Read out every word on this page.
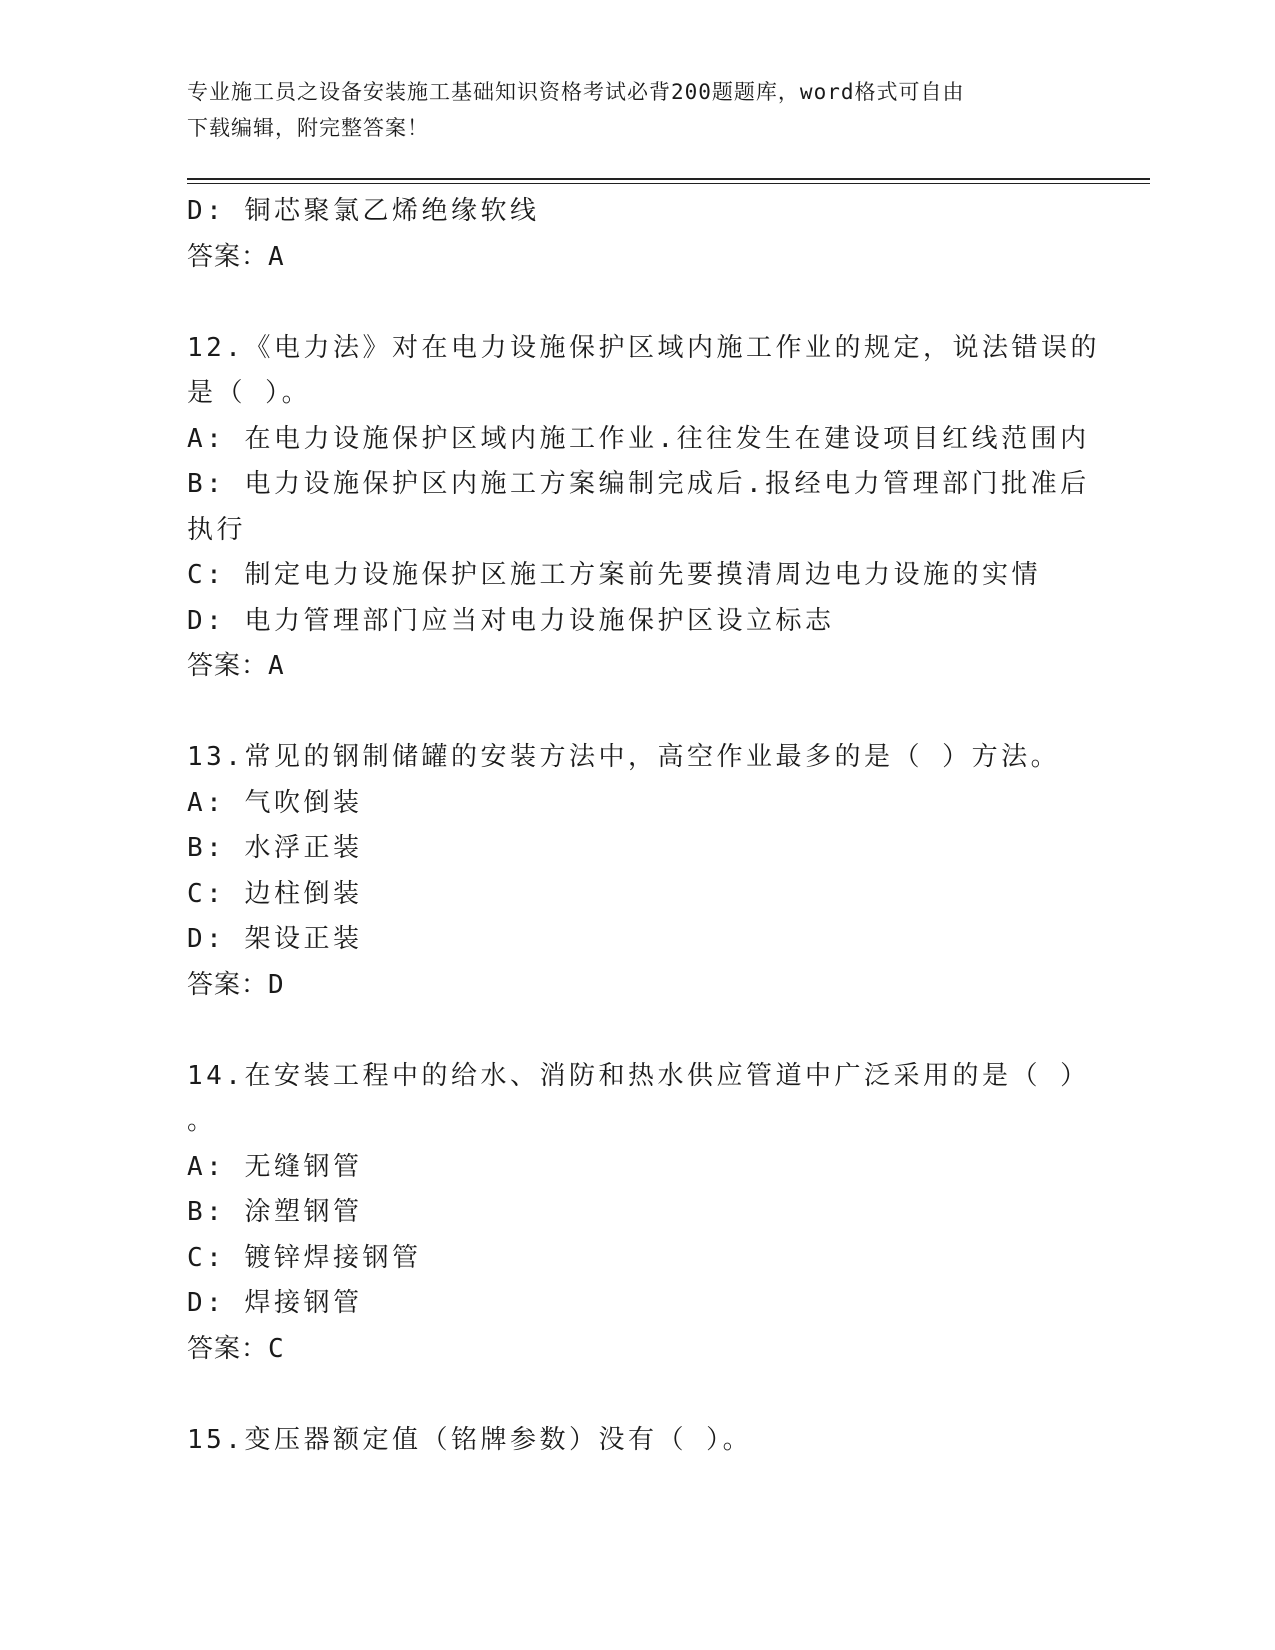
专业施工员之设备安装施工基础知识资格考试必背200题题库，word格式可自由
下载编辑，附完整答案！
D: 铜芯聚氯乙烯绝缘软线
答案：A
12.《电力法》对在电力设施保护区域内施工作业的规定，说法错误的
是（ ）。
A: 在电力设施保护区域内施工作业.往往发生在建设项目红线范围内
B: 电力设施保护区内施工方案编制完成后.报经电力管理部门批准后
执行
C: 制定电力设施保护区施工方案前先要摸清周边电力设施的实情
D: 电力管理部门应当对电力设施保护区设立标志
答案：A
13.常见的钢制储罐的安装方法中，高空作业最多的是（ ）方法。
A: 气吹倒装
B: 水浮正装
C: 边柱倒装
D: 架设正装
答案：D
14.在安装工程中的给水、消防和热水供应管道中广泛采用的是（ ）
。
A: 无缝钢管
B: 涂塑钢管
C: 镀锌焊接钢管
D: 焊接钢管
答案：C
15.变压器额定值（铭牌参数）没有（ ）。
